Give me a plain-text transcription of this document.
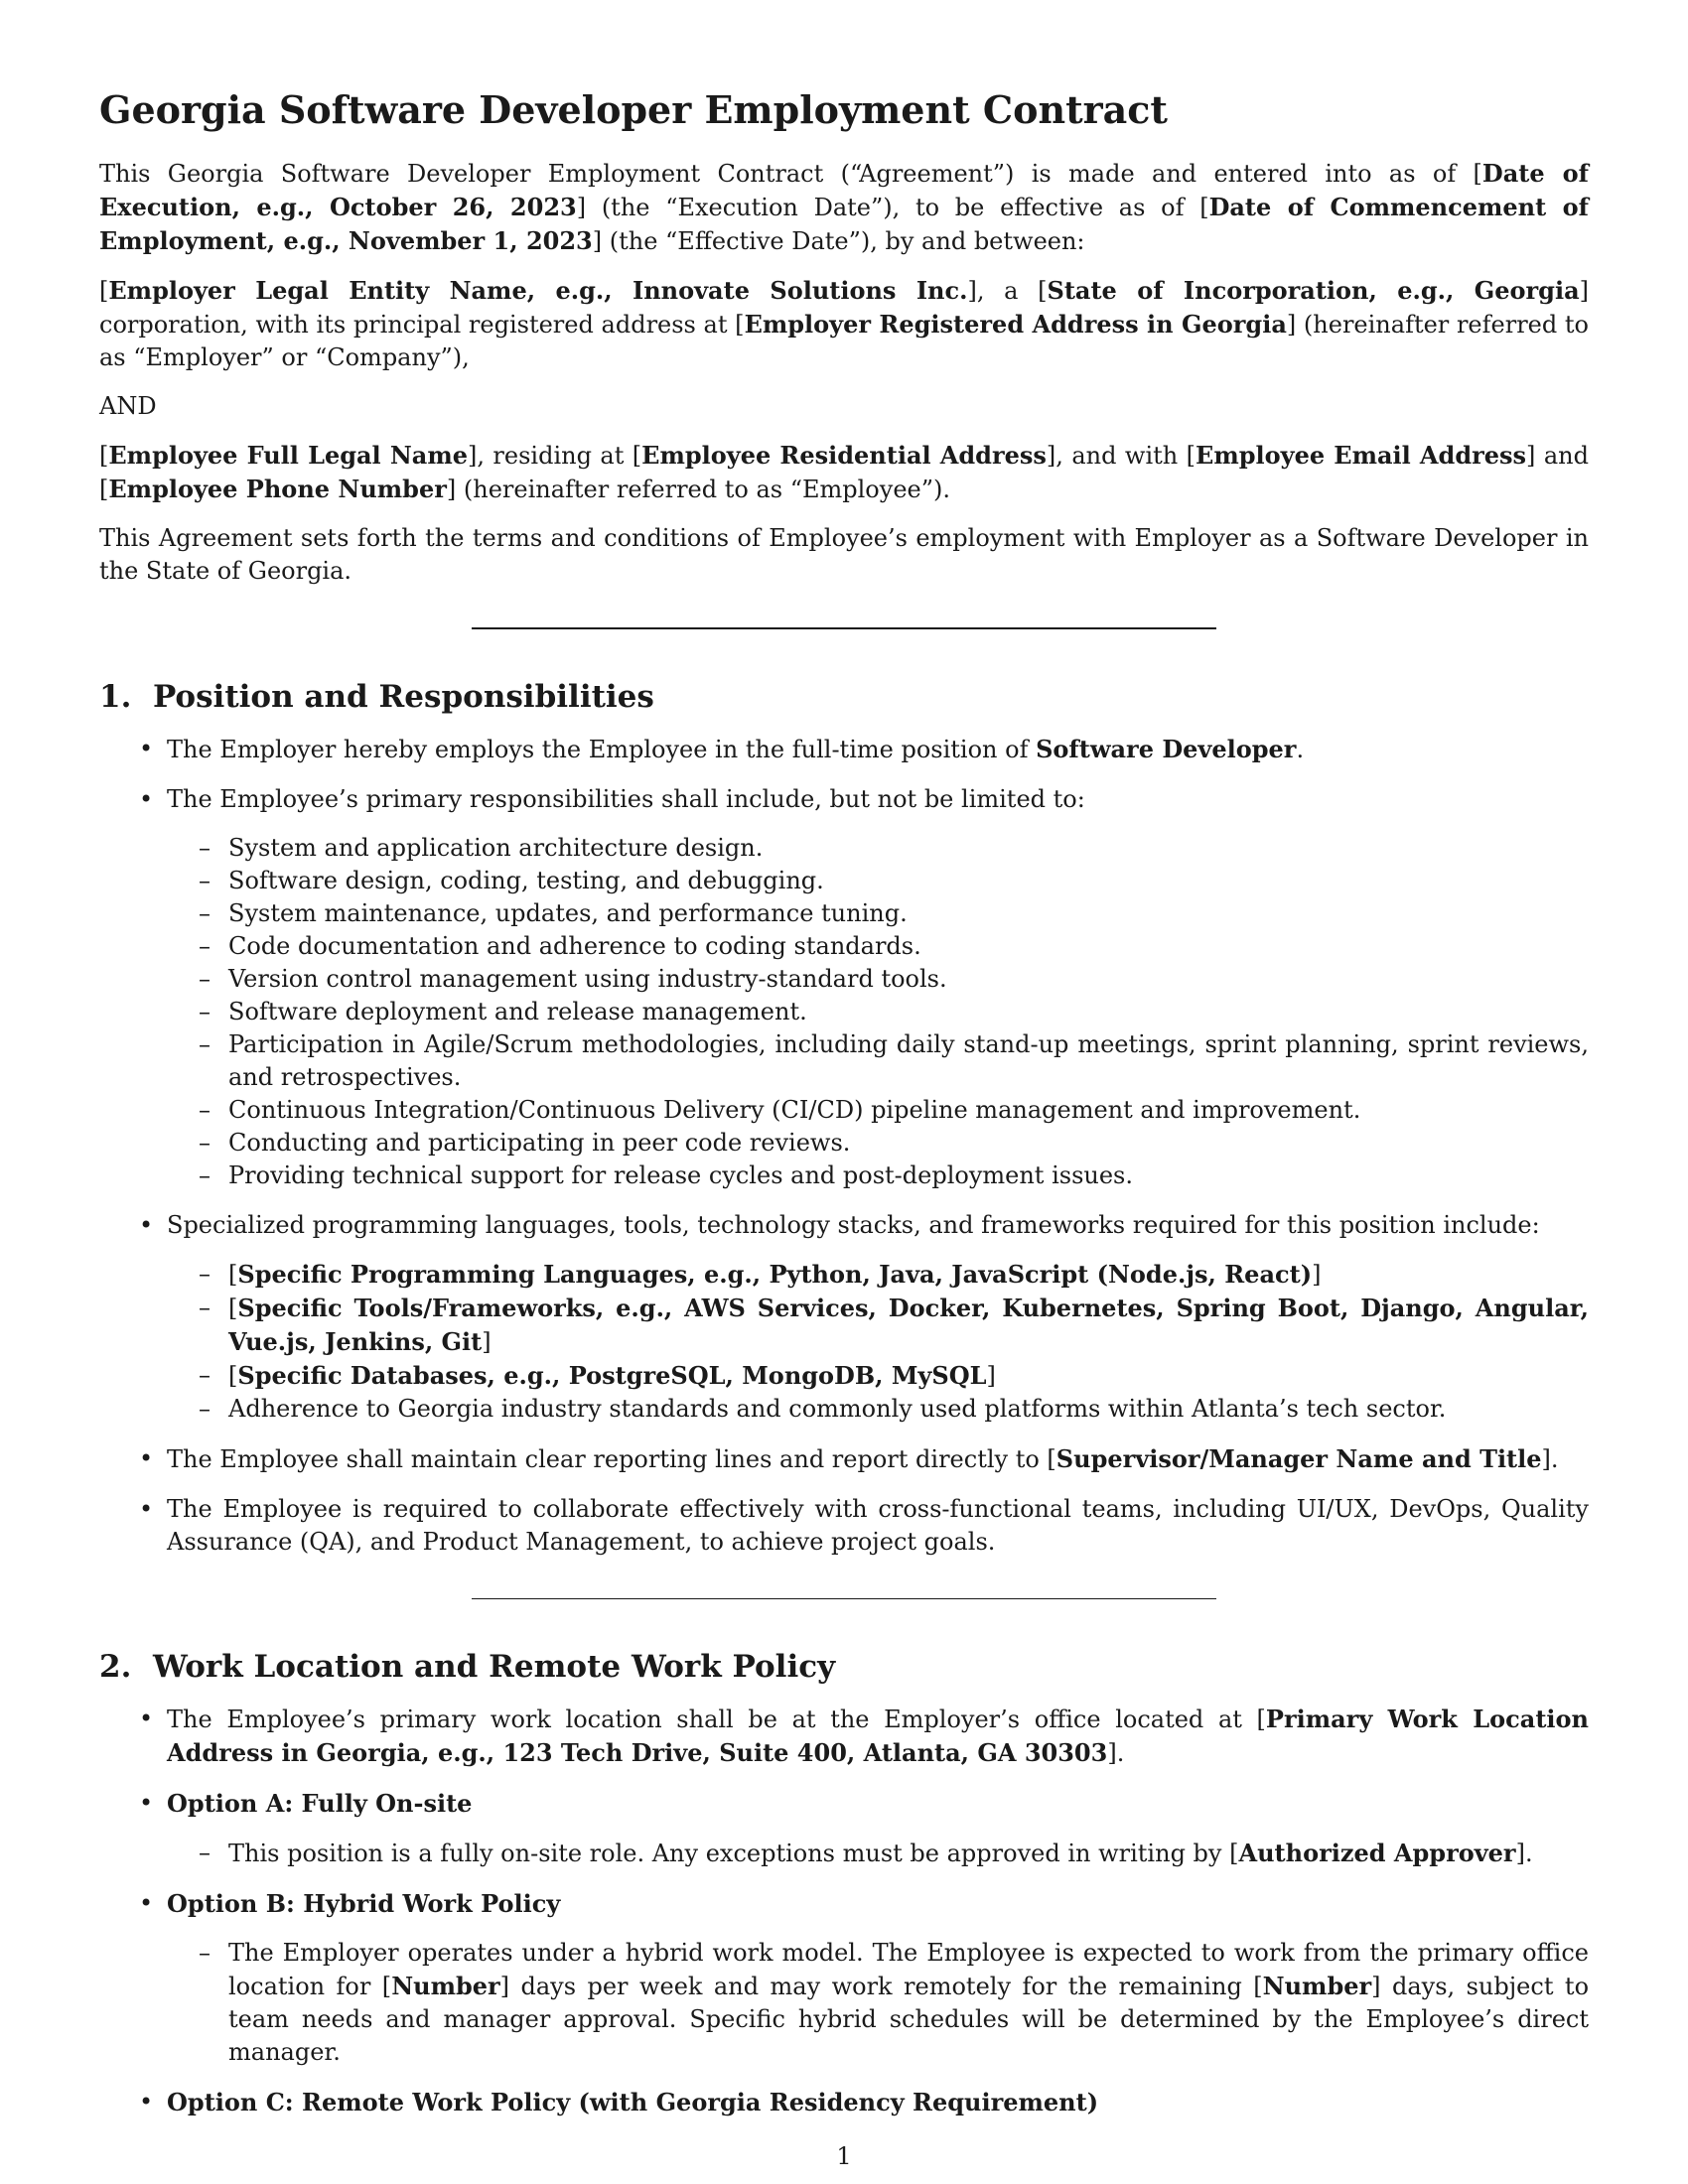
Georgia Software Developer Employment Contract

This Georgia Software Developer Employment Contract (“Agreement”) is made and entered into as of [Date of Execution, e.g., October 26, 2023] (the “Execution Date”), to be effective as of [Date of Commencement of Employment, e.g., November 1, 2023] (the “Effective Date”), by and between:

[Employer Legal Entity Name, e.g., Innovate Solutions Inc.], a [State of Incorporation, e.g., Georgia] corporation, with its principal registered address at [Employer Registered Address in Georgia] (hereinafter referred to as “Employer” or “Company”),

AND

[Employee Full Legal Name], residing at [Employee Residential Address], and with [Employee Email Address] and [Employee Phone Number] (hereinafter referred to as “Employee”).

This Agreement sets forth the terms and conditions of Employee’s employment with Employer as a Software Developer in the State of Georgia.

1.  Position and Responsibilities
• The Employer hereby employs the Employee in the full-time position of Software Developer.
• The Employee’s primary responsibilities shall include, but not be limited to:
– System and application architecture design.
– Software design, coding, testing, and debugging.
– System maintenance, updates, and performance tuning.
– Code documentation and adherence to coding standards.
– Version control management using industry-standard tools.
– Software deployment and release management.
– Participation in Agile/Scrum methodologies, including daily stand-up meetings, sprint planning, sprint reviews, and retrospectives.
– Continuous Integration/Continuous Delivery (CI/CD) pipeline management and improvement.
– Conducting and participating in peer code reviews.
– Providing technical support for release cycles and post-deployment issues.
• Specialized programming languages, tools, technology stacks, and frameworks required for this position include:
– [Specific Programming Languages, e.g., Python, Java, JavaScript (Node.js, React)]
– [Specific Tools/Frameworks, e.g., AWS Services, Docker, Kubernetes, Spring Boot, Django, Angular, Vue.js, Jenkins, Git]
– [Specific Databases, e.g., PostgreSQL, MongoDB, MySQL]
– Adherence to Georgia industry standards and commonly used platforms within Atlanta’s tech sector.
• The Employee shall maintain clear reporting lines and report directly to [Supervisor/Manager Name and Title].
• The Employee is required to collaborate effectively with cross-functional teams, including UI/UX, DevOps, Quality Assurance (QA), and Product Management, to achieve project goals.
2.  Work Location and Remote Work Policy
• The Employee’s primary work location shall be at the Employer’s office located at [Primary Work Location Address in Georgia, e.g., 123 Tech Drive, Suite 400, Atlanta, GA 30303].
• Option A: Fully On-site
– This position is a fully on-site role. Any exceptions must be approved in writing by [Authorized Approver].
• Option B: Hybrid Work Policy
– The Employer operates under a hybrid work model. The Employee is expected to work from the primary office location for [Number] days per week and may work remotely for the remaining [Number] days, subject to team needs and manager approval. Specific hybrid schedules will be determined by the Employee’s direct manager.
• Option C: Remote Work Policy (with Georgia Residency Requirement)
1
